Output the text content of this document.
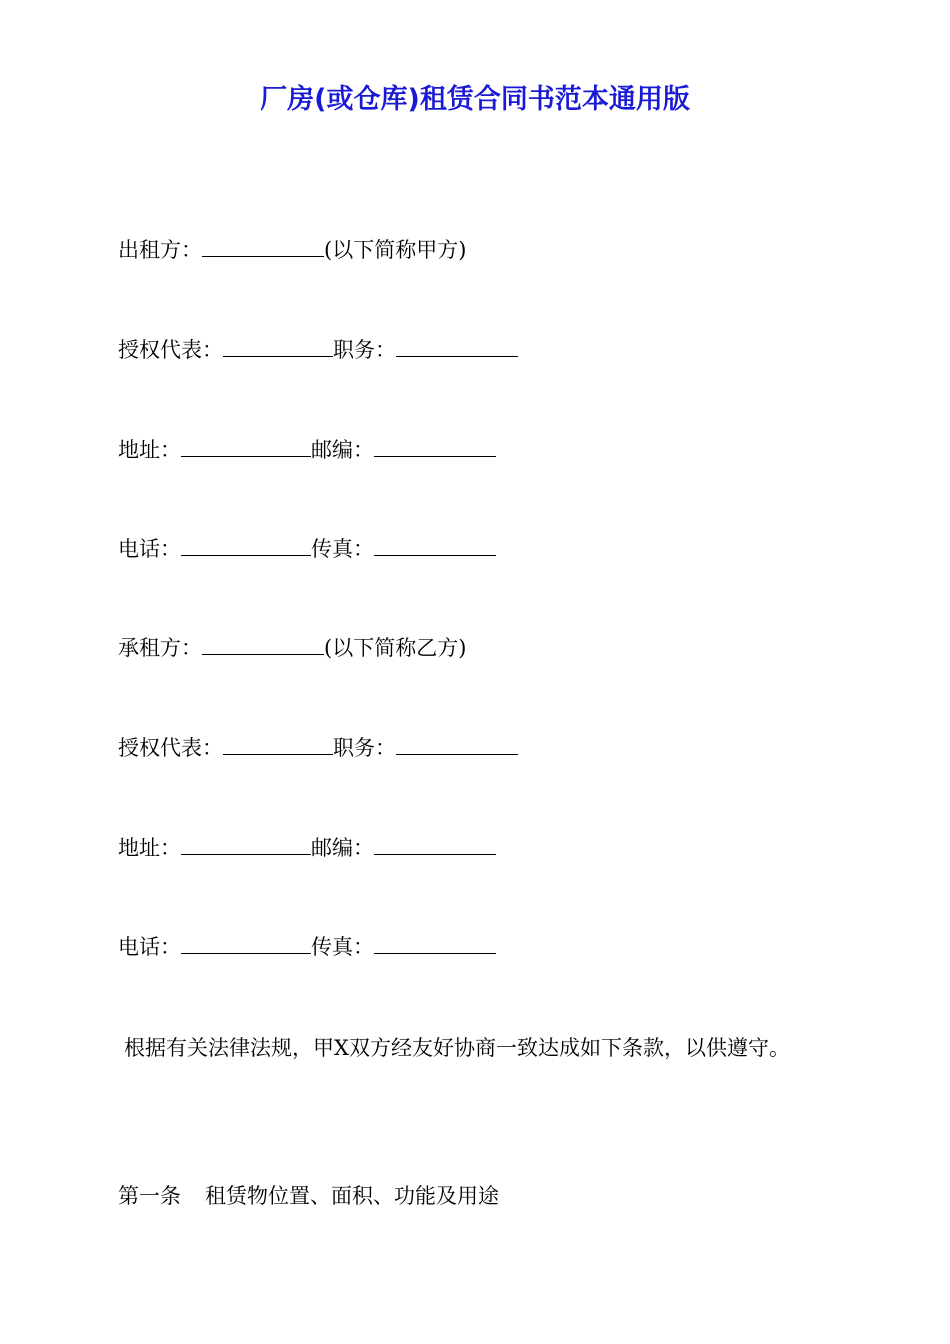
厂房(或仓库)租赁合同书范本通用版
出租方：	(以下简称甲方)
授权代表：	职务：
地址：	邮编：
电话：	传真：
承租方：	(以下简称乙方)
授权代表：	职务：
地址：	邮编：
电话：	传真：
根据有关法律法规，甲X双方经友好协商一致达成如下条款，以供遵守。
第一条 租赁物位置、面积、功能及用途
